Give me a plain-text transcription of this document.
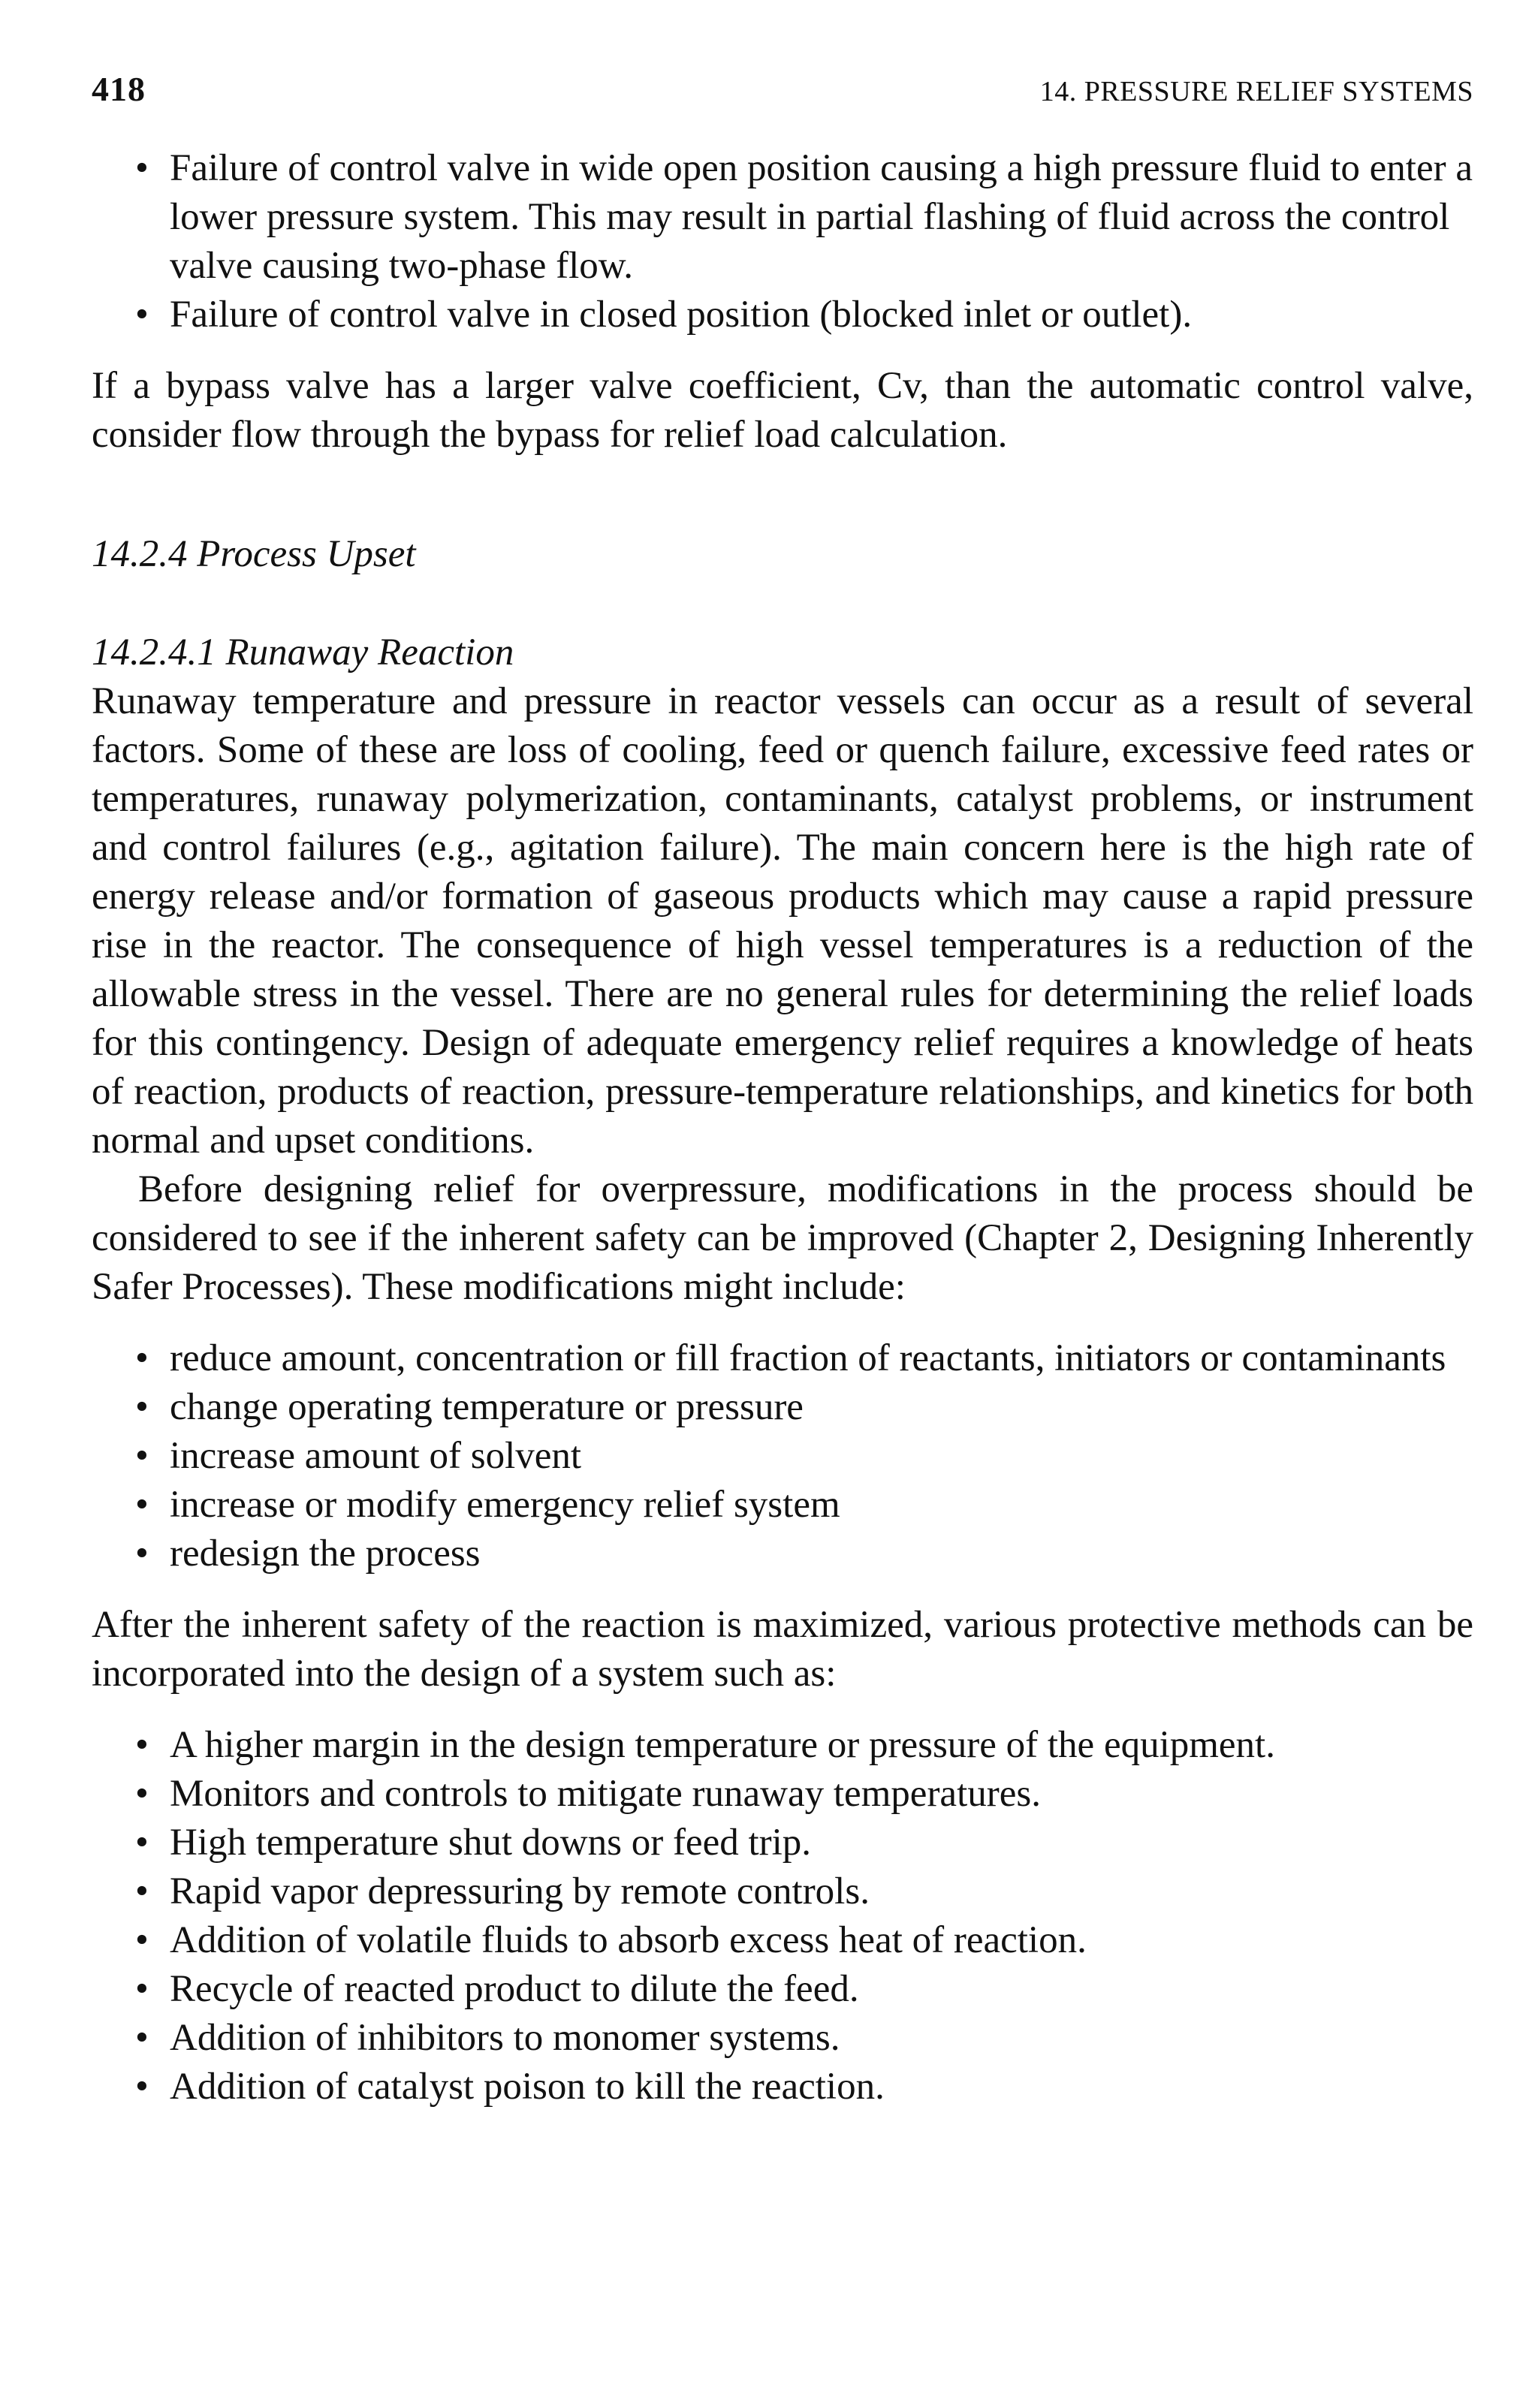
418	14. PRESSURE RELIEF SYSTEMS
• Failure of control valve in wide open position causing a high pressure fluid to enter a lower pressure system. This may result in partial flashing of fluid across the control valve causing two-phase flow.
• Failure of control valve in closed position (blocked inlet or outlet).

If a bypass valve has a larger valve coefficient, Cv, than the automatic control valve, consider flow through the bypass for relief load calculation.

14.2.4 Process Upset
14.2.4.1 Runaway Reaction

Runaway temperature and pressure in reactor vessels can occur as a result of several factors. Some of these are loss of cooling, feed or quench failure, excessive feed rates or temperatures, runaway polymerization, contaminants, catalyst problems, or instrument and control failures (e.g., agitation failure). The main concern here is the high rate of energy release and/or formation of gaseous products which may cause a rapid pressure rise in the reactor. The consequence of high vessel temperatures is a reduction of the allowable stress in the vessel. There are no general rules for determining the relief loads for this contingency. Design of adequate emergency relief requires a knowledge of heats of reaction, products of reaction, pressure-temperature relationships, and kinetics for both normal and upset conditions.

Before designing relief for overpressure, modifications in the process should be considered to see if the inherent safety can be improved (Chapter 2, Designing Inherently Safer Processes). These modifications might include:

• reduce amount, concentration or fill fraction of reactants, initiators or contaminants
• change operating temperature or pressure
• increase amount of solvent
• increase or modify emergency relief system
• redesign the process

After the inherent safety of the reaction is maximized, various protective methods can be incorporated into the design of a system such as:

• A higher margin in the design temperature or pressure of the equipment.
• Monitors and controls to mitigate runaway temperatures.
• High temperature shut downs or feed trip.
• Rapid vapor depressuring by remote controls.
• Addition of volatile fluids to absorb excess heat of reaction.
• Recycle of reacted product to dilute the feed.
• Addition of inhibitors to monomer systems.
• Addition of catalyst poison to kill the reaction.
